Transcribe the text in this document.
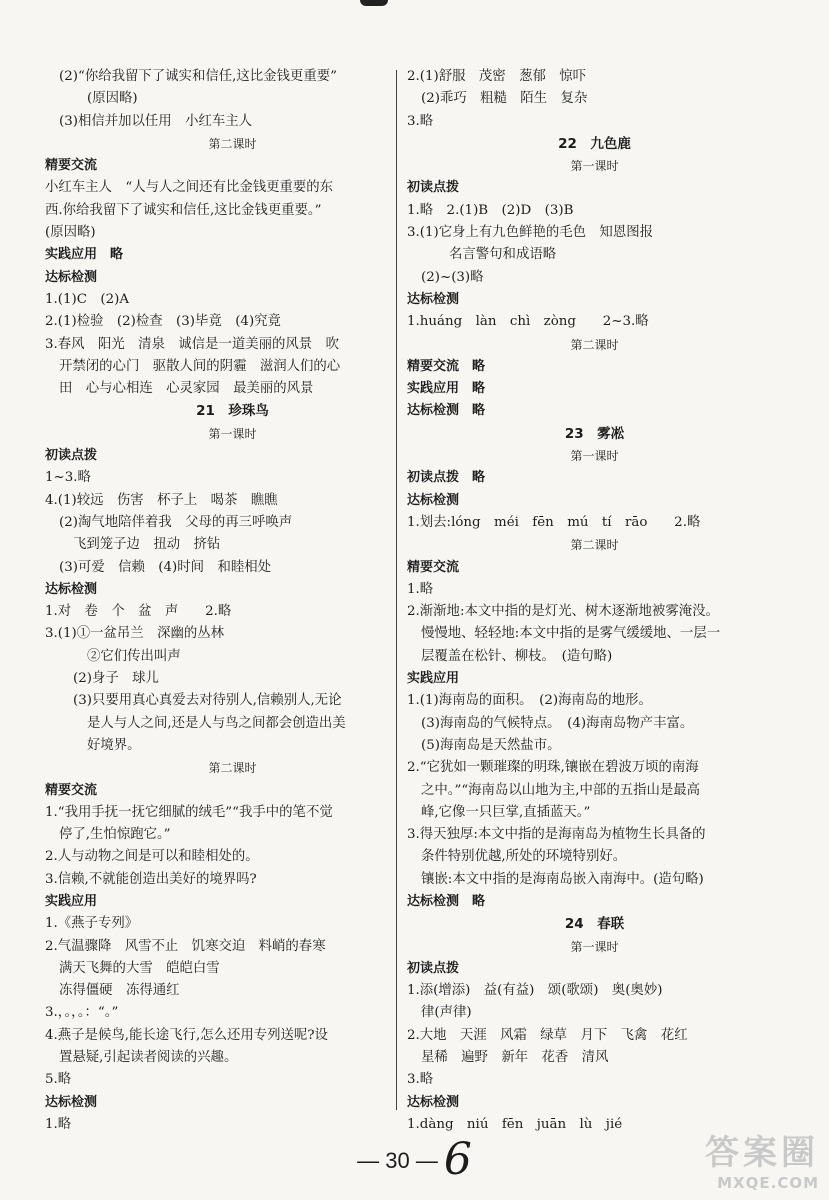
(2)“你给我留下了诚实和信任,这比金钱更重要”
(原因略)
(3)相信并加以任用　小红车主人
第二课时
精要交流
小红车主人　“人与人之间还有比金钱更重要的东
西.你给我留下了诚实和信任,这比金钱更重要。”
(原因略)
实践应用　略
达标检测
1.(1)C　(2)A
2.(1)检验　(2)检查　(3)毕竟　(4)究竟
3.春风　阳光　清泉　诚信是一道美丽的风景　吹
开禁闭的心门　驱散人间的阴霾　滋润人们的心
田　心与心相连　心灵家园　最美丽的风景
21　珍珠鸟
第一课时
初读点拨
1~3.略
4.(1)较远　伤害　杯子上　喝茶　瞧瞧
(2)淘气地陪伴着我　父母的再三呼唤声
飞到笼子边　扭动　挤钻
(3)可爱　信赖　(4)时间　和睦相处
达标检测
1.对　卷　个　盆　声　　2.略
3.(1)①一盆吊兰　深幽的丛林
②它们传出叫声
(2)身子　球儿
(3)只要用真心真爱去对待别人,信赖别人,无论
是人与人之间,还是人与鸟之间都会创造出美
好境界。
第二课时
精要交流
1.“我用手抚一抚它细腻的绒毛”“我手中的笔不觉
停了,生怕惊跑它。”
2.人与动物之间是可以和睦相处的。
3.信赖,不就能创造出美好的境界吗?
实践应用
1.《燕子专列》
2.气温骤降　风雪不止　饥寒交迫　料峭的春寒
满天飞舞的大雪　皑皑白雪
冻得僵硬　冻得通红
3.，。，。：“。”
4.燕子是候鸟,能长途飞行,怎么还用专列送呢?设
置悬疑,引起读者阅读的兴趣。
5.略
达标检测
1.略
2.(1)舒服　茂密　葱郁　惊吓
(2)乖巧　粗糙　陌生　复杂
3.略
22　九色鹿
第一课时
初读点拨
1.略　2.(1)B　(2)D　(3)B
3.(1)它身上有九色鲜艳的毛色　知恩图报
名言警句和成语略
(2)~(3)略
达标检测
1.huáng　làn　chì　zòng　　2~3.略
第二课时
精要交流　略
实践应用　略
达标检测　略
23　雾凇
第一课时
初读点拨　略
达标检测
1.划去:lóng　méi　fēn　mú　tí　rāo　　2.略
第二课时
精要交流
1.略
2.渐渐地:本文中指的是灯光、树木逐渐地被雾淹没。
慢慢地、轻轻地:本文中指的是雾气缓缓地、一层一
层覆盖在松针、柳枝。　(造句略)
实践应用
1.(1)海南岛的面积。　(2)海南岛的地形。
(3)海南岛的气候特点。　(4)海南岛物产丰富。
(5)海南岛是天然盐市。
2.“它犹如一颗璀璨的明珠,镶嵌在碧波万顷的南海
之中。”“海南岛以山地为主,中部的五指山是最高
峰,它像一只巨掌,直插蓝天。”
3.得天独厚:本文中指的是海南岛为植物生长具备的
条件特别优越,所处的环境特别好。
镶嵌:本文中指的是海南岛嵌入南海中。(造句略)
达标检测　略
24　春联
第一课时
初读点拨
1.添(增添)　益(有益)　颂(歌颂)　奥(奥妙)
律(声律)
2.大地　天涯　风霜　绿草　月下　飞禽　花红
星稀　遍野　新年　花香　清风
3.略
达标检测
1.dàng　niú　fēn　juān　lù　jié
— 30 — 6	答案圈
MXQE.COM
